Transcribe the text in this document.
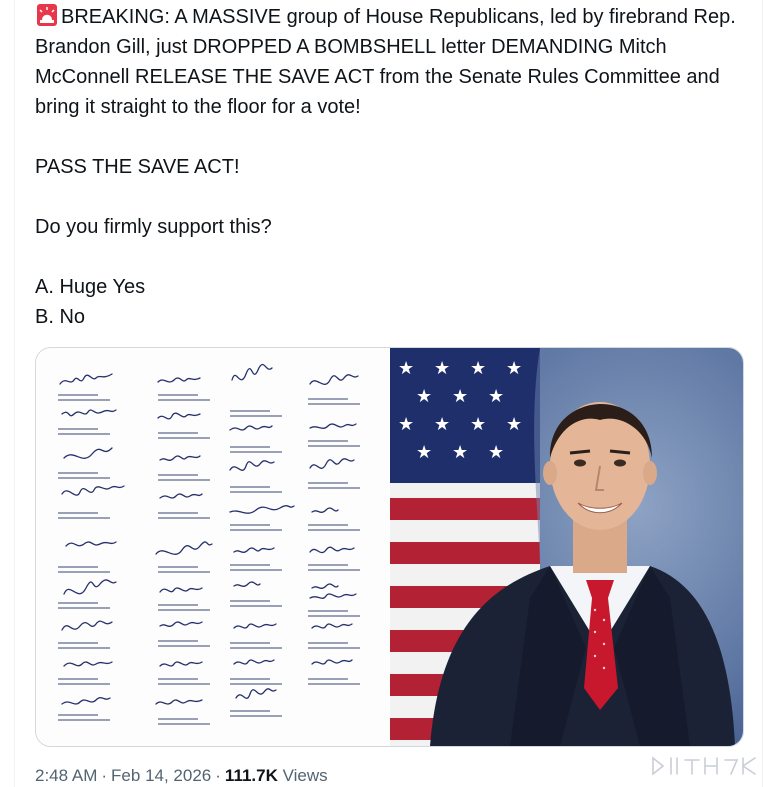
BREAKING: A MASSIVE group of House Republicans, led by firebrand Rep. Brandon Gill, just DROPPED A BOMBSHELL letter DEMANDING Mitch McConnell RELEASE THE SAVE ACT from the Senate Rules Committee and bring it straight to the floor for a vote!

PASS THE SAVE ACT!

Do you firmly support this?

A. Huge Yes

B. No

★ ★ ★ ★
★ ★ ★
★ ★ ★ ★
★ ★ ★
2:48 AM · Feb 14, 2026 · 111.7K Views
